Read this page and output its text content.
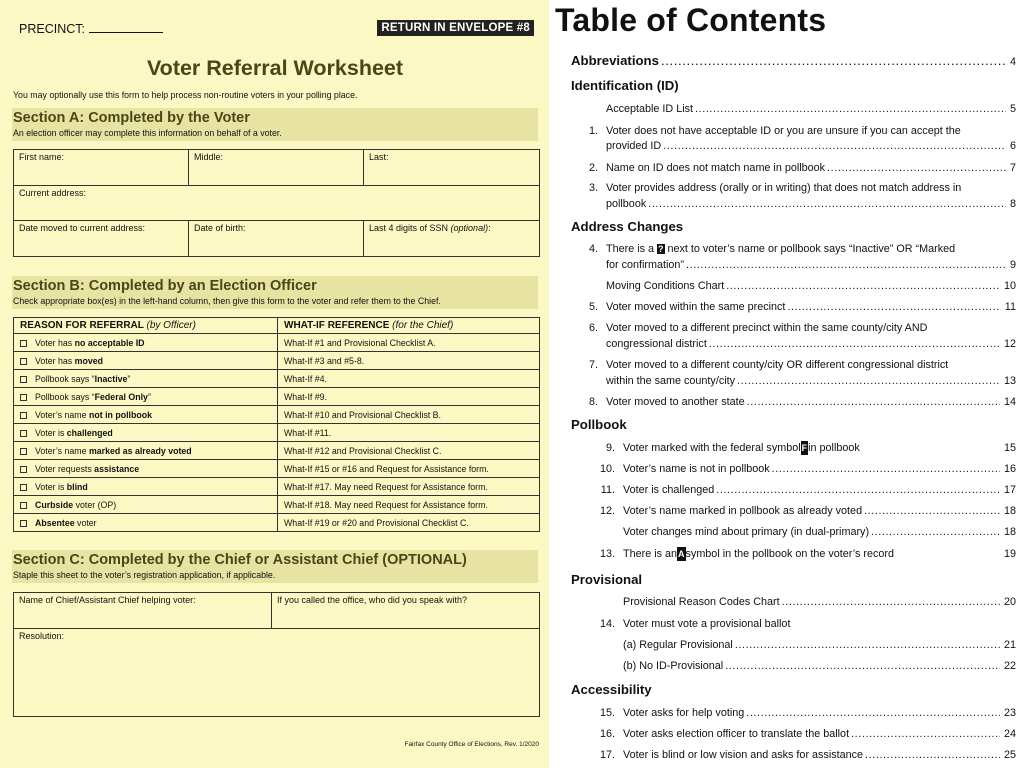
PRECINCT:	RETURN IN ENVELOPE #8
Voter Referral Worksheet
You may optionally use this form to help process non-routine voters in your polling place.
Section A: Completed by the Voter
An election officer may complete this information on behalf of a voter.
First name:	Middle:	Last:
Current address:		
Date moved to current address:	Date of birth:	Last 4 digits of SSN (optional):
Section B: Completed by an Election Officer
Check appropriate box(es) in the left-hand column, then give this form to the voter and refer them to the Chief.
REASON FOR REFERRAL (by Officer)	WHAT-IF REFERENCE (for the Chief)
Voter has no acceptable ID	What-If #1 and Provisional Checklist A.
Voter has moved	What-If #3 and #5-8.
Pollbook says “Inactive”	What-If #4.
Pollbook says “Federal Only”	What-If #9.
Voter’s name not in pollbook	What-If #10 and Provisional Checklist B.
Voter is challenged	What-If #11.
Voter’s name marked as already voted	What-If #12 and Provisional Checklist C.
Voter requests assistance	What-If #15 or #16 and Request for Assistance form.
Voter is blind	What-If #17. May need Request for Assistance form.
Curbside voter (OP)	What-If #18. May need Request for Assistance form.
Absentee voter	What-If #19 or #20 and Provisional Checklist C.
Section C: Completed by the Chief or Assistant Chief (OPTIONAL)
Staple this sheet to the voter’s registration application, if applicable.
Name of Chief/Assistant Chief helping voter:	If you called the office, who did you speak with?
Resolution:
Fairfax County Office of Elections, Rev. 1/2020
Table of Contents
Abbreviations .....	4
Identification (ID)
Acceptable ID List .....	5
1. Voter does not have acceptable ID or you are unsure if you can accept the
provided ID .....	6
2. Name on ID does not match name in pollbook .....	7
3. Voter provides address (orally or in writing) that does not match address in
pollbook .....	8
Address Changes
4. There is a ? next to voter’s name or pollbook says “Inactive” OR “Marked
for confirmation” .....	9
Moving Conditions Chart .....	10
5. Voter moved within the same precinct .....	11
6. Voter moved to a different precinct within the same county/city AND
congressional district .....	12
7. Voter moved to a different county/city OR different congressional district
within the same county/city .....	13
8. Voter moved to another state .....	14
Pollbook
9. Voter marked with the federal symbol F in pollbook	15
10. Voter’s name is not in pollbook .....	16
11. Voter is challenged .....	17
12. Voter’s name marked in pollbook as already voted .....	18
Voter changes mind about primary (in dual-primary) .....	18
13. There is an A symbol in the pollbook on the voter’s record	19
Provisional
Provisional Reason Codes Chart .....	20
14. Voter must vote a provisional ballot
(a) Regular Provisional .....	21
(b) No ID-Provisional .....	22
Accessibility
15. Voter asks for help voting .....	23
16. Voter asks election officer to translate the ballot .....	24
17. Voter is blind or low vision and asks for assistance .....	25
